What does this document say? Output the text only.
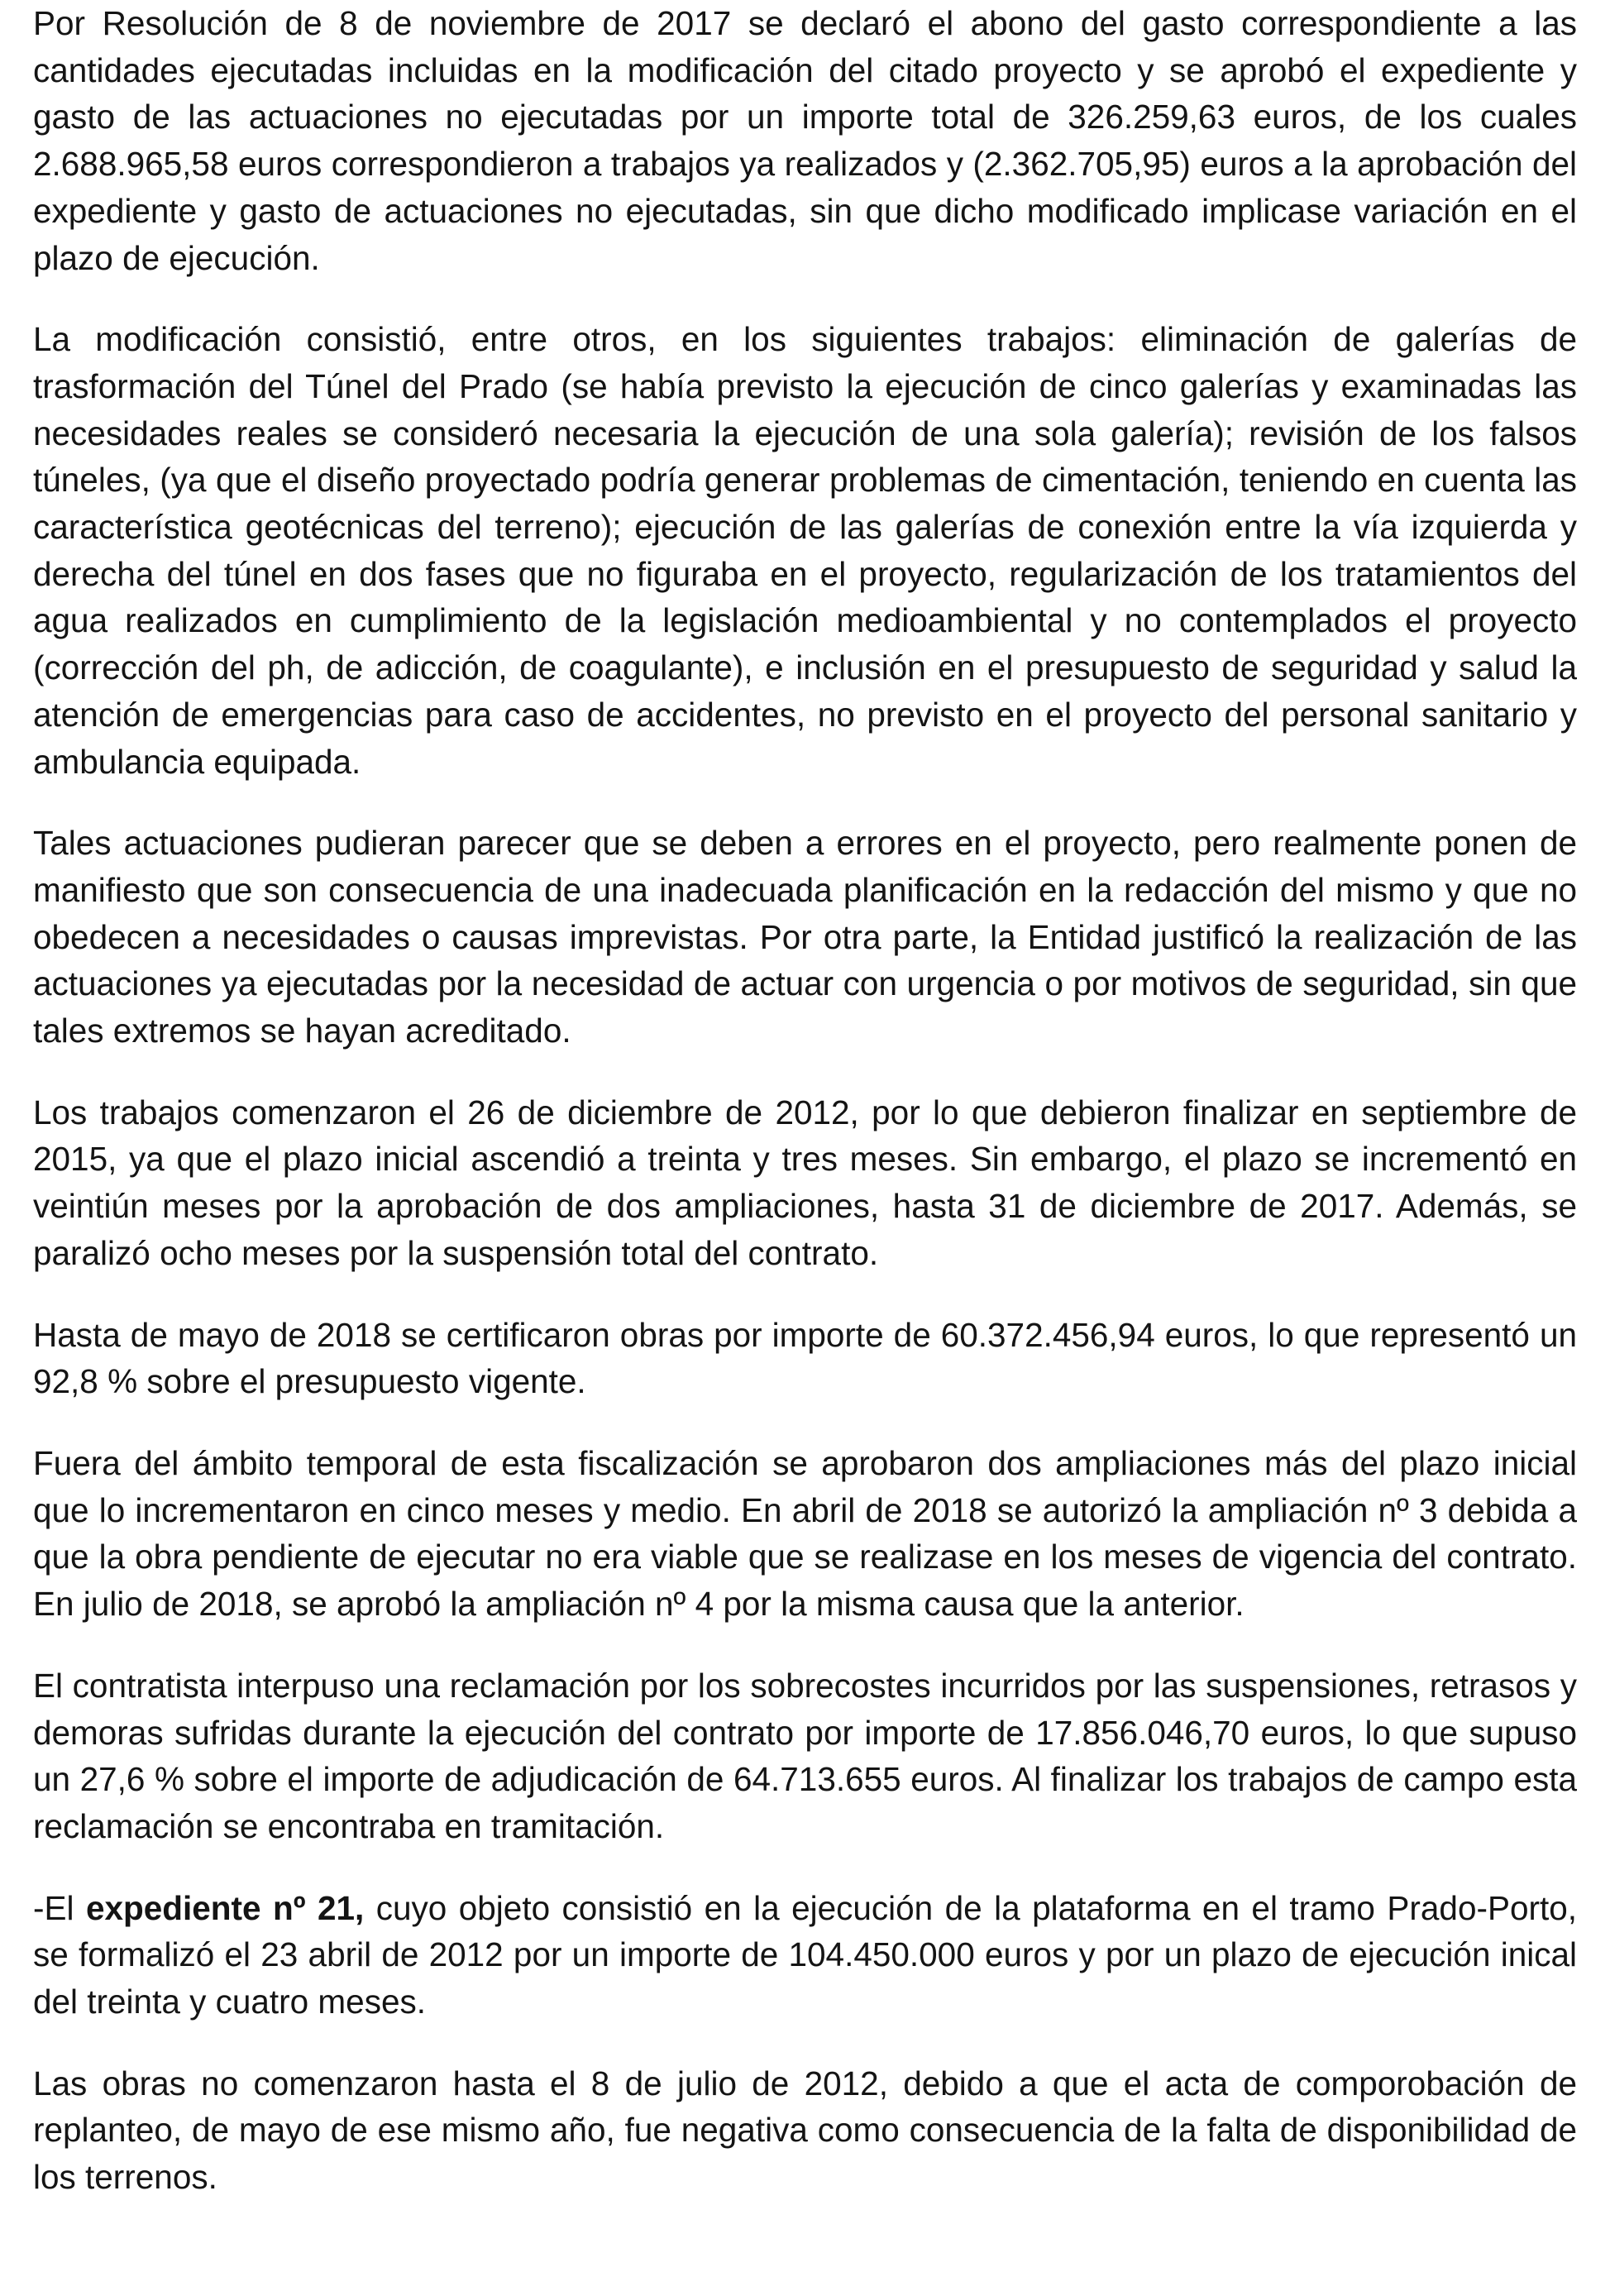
Por Resolución de 8 de noviembre de 2017 se declaró el abono del gasto correspondiente a las cantidades ejecutadas incluidas en la modificación del citado proyecto y se aprobó el expediente y gasto de las actuaciones no ejecutadas por un importe total de 326.259,63 euros, de los cuales 2.688.965,58 euros correspondieron a trabajos ya realizados y (2.362.705,95) euros a la aprobación del expediente y gasto de actuaciones no ejecutadas, sin que dicho modificado implicase variación en el plazo de ejecución.

La modificación consistió, entre otros, en los siguientes trabajos: eliminación de galerías de trasformación del Túnel del Prado (se había previsto la ejecución de cinco galerías y examinadas las necesidades reales se consideró necesaria la ejecución de una sola galería); revisión de los falsos túneles, (ya que el diseño proyectado podría generar problemas de cimentación, teniendo en cuenta las característica geotécnicas del terreno); ejecución de las galerías de conexión entre la vía izquierda y derecha del túnel en dos fases que no figuraba en el proyecto, regularización de los tratamientos del agua realizados en cumplimiento de la legislación medioambiental y no contemplados el proyecto (corrección del ph, de adicción, de coagulante), e inclusión en el presupuesto de seguridad y salud la atención de emergencias para caso de accidentes, no previsto en el proyecto del personal sanitario y ambulancia equipada.

Tales actuaciones pudieran parecer que se deben a errores en el proyecto, pero realmente ponen de manifiesto que son consecuencia de una inadecuada planificación en la redacción del mismo y que no obedecen a necesidades o causas imprevistas. Por otra parte, la Entidad justificó la realización de las actuaciones ya ejecutadas por la necesidad de actuar con urgencia o por motivos de seguridad, sin que tales extremos se hayan acreditado.

Los trabajos comenzaron el 26 de diciembre de 2012, por lo que debieron finalizar en septiembre de 2015, ya que el plazo inicial ascendió a treinta y tres meses. Sin embargo, el plazo se incrementó en veintiún meses por la aprobación de dos ampliaciones, hasta 31 de diciembre de 2017. Además, se paralizó ocho meses por la suspensión total del contrato.

Hasta de mayo de 2018 se certificaron obras por importe de 60.372.456,94 euros, lo que representó un 92,8 % sobre el presupuesto vigente.

Fuera del ámbito temporal de esta fiscalización se aprobaron dos ampliaciones más del plazo inicial que lo incrementaron en cinco meses y medio. En abril de 2018 se autorizó la ampliación nº 3 debida a que la obra pendiente de ejecutar no era viable que se realizase en los meses de vigencia del contrato. En julio de 2018, se aprobó la ampliación nº 4 por la misma causa que la anterior.

El contratista interpuso una reclamación por los sobrecostes incurridos por las suspensiones, retrasos y demoras sufridas durante la ejecución del contrato por importe de 17.856.046,70 euros, lo que supuso un 27,6 % sobre el importe de adjudicación de 64.713.655 euros. Al finalizar los trabajos de campo esta reclamación se encontraba en tramitación.

-El expediente nº 21, cuyo objeto consistió en la ejecución de la plataforma en el tramo Prado-Porto, se formalizó el 23 abril de 2012 por un importe de 104.450.000 euros y por un plazo de ejecución inical del treinta y cuatro meses.

Las obras no comenzaron hasta el 8 de julio de 2012, debido a que el acta de comporobación de replanteo, de mayo de ese mismo año, fue negativa como consecuencia de la falta de disponibilidad de los terrenos.
